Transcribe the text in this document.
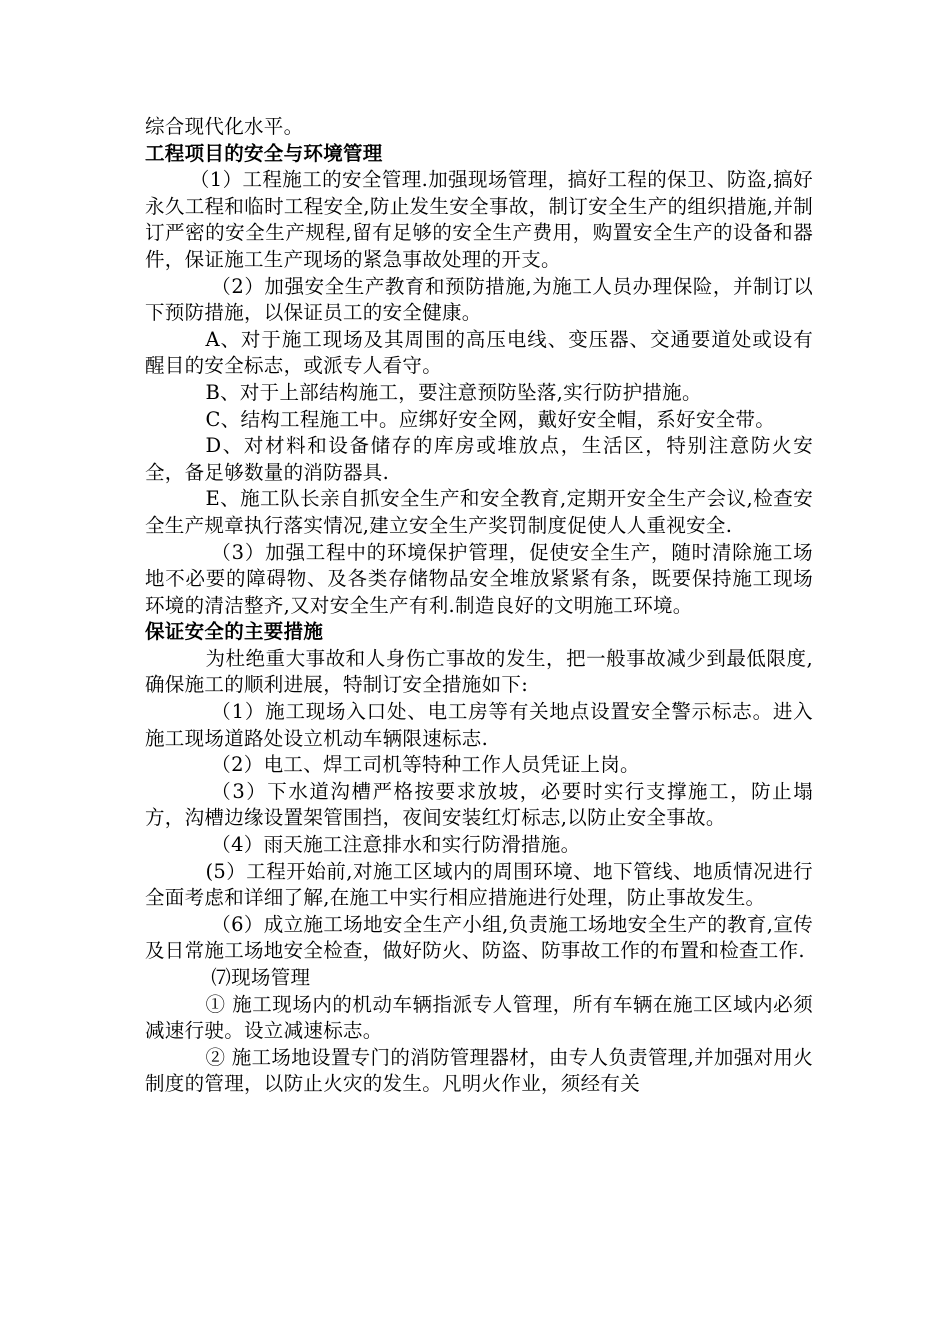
综合现代化水平。

工程项目的安全与环境管理

（1）工程施工的安全管理.加强现场管理，搞好工程的保卫、防盗,搞好永久工程和临时工程安全,防止发生安全事故，制订安全生产的组织措施,并制订严密的安全生产规程,留有足够的安全生产费用，购置安全生产的设备和器件，保证施工生产现场的紧急事故处理的开支。

（2）加强安全生产教育和预防措施,为施工人员办理保险，并制订以下预防措施，以保证员工的安全健康。

A、对于施工现场及其周围的高压电线、变压器、交通要道处或设有醒目的安全标志，或派专人看守。

B、对于上部结构施工，要注意预防坠落,实行防护措施。

C、结构工程施工中。应绑好安全网，戴好安全帽，系好安全带。

D、对材料和设备储存的库房或堆放点，生活区，特别注意防火安全，备足够数量的消防器具.

E、施工队长亲自抓安全生产和安全教育,定期开安全生产会议,检查安全生产规章执行落实情况,建立安全生产奖罚制度促使人人重视安全.

（3）加强工程中的环境保护管理，促使安全生产，随时清除施工场地不必要的障碍物、及各类存储物品安全堆放紧紧有条，既要保持施工现场环境的清洁整齐,又对安全生产有利.制造良好的文明施工环境。

保证安全的主要措施

为杜绝重大事故和人身伤亡事故的发生，把一般事故减少到最低限度,确保施工的顺利进展，特制订安全措施如下:

（1）施工现场入口处、电工房等有关地点设置安全警示标志。进入施工现场道路处设立机动车辆限速标志.

（2）电工、焊工司机等特种工作人员凭证上岗。

（3）下水道沟槽严格按要求放坡，必要时实行支撑施工，防止塌方，沟槽边缘设置架管围挡，夜间安装红灯标志,以防止安全事故。

（4）雨天施工注意排水和实行防滑措施。

(5）工程开始前,对施工区域内的周围环境、地下管线、地质情况进行全面考虑和详细了解,在施工中实行相应措施进行处理，防止事故发生。

（6）成立施工场地安全生产小组,负责施工场地安全生产的教育,宣传及日常施工场地安全检查，做好防火、防盗、防事故工作的布置和检查工作.

⑺现场管理

① 施工现场内的机动车辆指派专人管理，所有车辆在施工区域内必须减速行驶。设立减速标志。

② 施工场地设置专门的消防管理器材，由专人负责管理,并加强对用火制度的管理，以防止火灾的发生。凡明火作业，须经有关
